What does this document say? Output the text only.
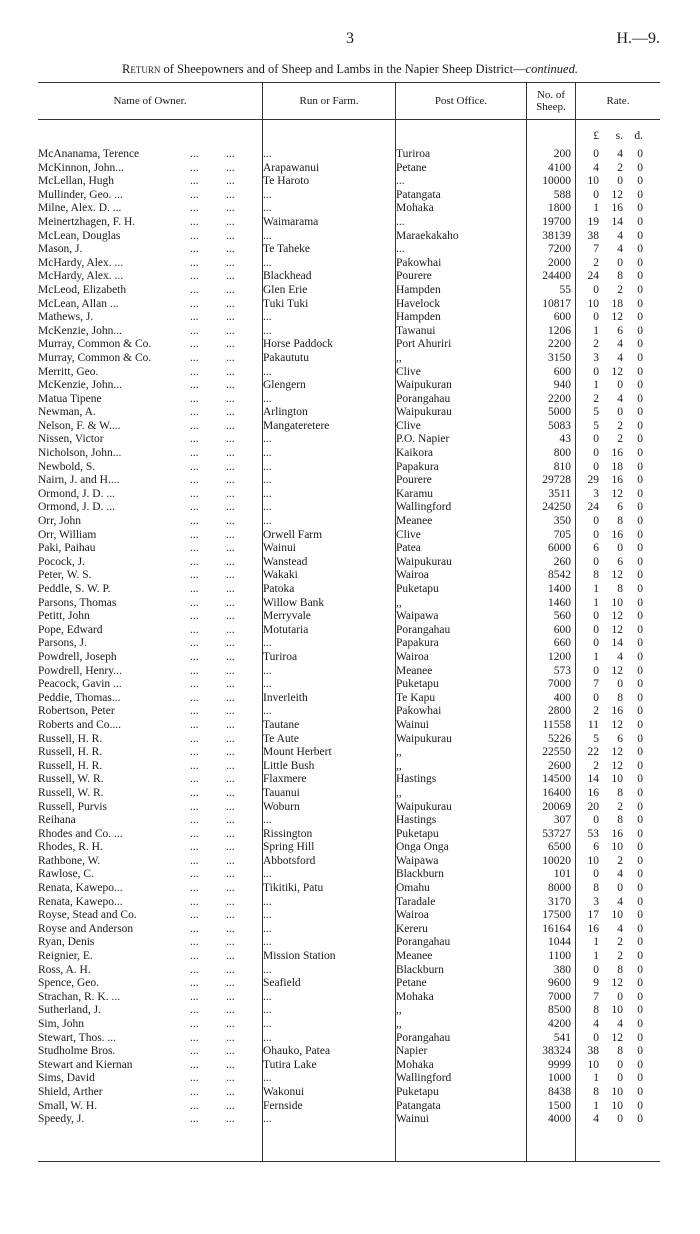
3	H.—9.
Return of Sheepowners and of Sheep and Lambs in the Napier Sheep District—continued.
Name of Owner.	Run or Farm.	Post Office.	No. of
Sheep.	Rate.
£	s. d.
McAnanama, Terence	... ... ...	Turiroa	200	0	4	0
McKinnon, John...	... ... Arapawanui	Petane	4100	4	2	0
McLellan, Hugh	... ... Te Haroto	...	10000	10	0	0
Mullinder, Geo. ...	... ... ...	Patangata	588	0	12	0
Milne, Alex. D. ...	... ... ...	Mohaka	1800	1	16	0
Meinertzhagen, F. H.	... ... Waimarama	...	19700	19	14	0
McLean, Douglas	... ... ...	Maraekakaho	38139	38	4	0
Mason, J.	... ... Te Taheke	...	7200	7	4	0
McHardy, Alex. ...	... ... ...	Pakowhai	2000	2	0	0
McHardy, Alex. ...	... ... Blackhead	Pourere	24400	24	8	0
McLeod, Elizabeth	... ... Glen Erie	Hampden	55	0	2	0
McLean, Allan ...	... ... Tuki Tuki	Havelock	10817	10	18	0
Mathews, J.	... ... ...	Hampden	600	0	12	0
McKenzie, John...	... ... ...	Tawanui	1206	1	6	0
Murray, Common & Co.	... ... Horse Paddock	Port Ahuriri	2200	2	4	0
Murray, Common & Co.	... ... Pakaututu	,,	3150	3	4	0
Merritt, Geo.	... ... ...	Clive	600	0	12	0
McKenzie, John...	... ... Glengern	Waipukuran	940	1	0	0
Matua Tipene	... ... ...	Porangahau	2200	2	4	0
Newman, A.	... ... Arlington	Waipukurau	5000	5	0	0
Nelson, F. & W....	... ... Mangateretere	Clive	5083	5	2	0
Nissen, Victor	... ... ...	P.O. Napier	43	0	2	0
Nicholson, John...	... ... ...	Kaikora	800	0	16	0
Newbold, S.	... ... ...	Papakura	810	0	18	0
Nairn, J. and H....	... ... ...	Pourere	29728	29	16	0
Ormond, J. D. ...	... ... ...	Karamu	3511	3	12	0
Ormond, J. D. ...	... ... ...	Wallingford	24250	24	6	0
Orr, John	... ... ...	Meanee	350	0	8	0
Orr, William	... ... Orwell Farm	Clive	705	0	16	0
Paki, Paihau	... ... Wainui	Patea	6000	6	0	0
Pocock, J.	... ... Wanstead	Waipukurau	260	0	6	0
Peter, W. S.	... ... Wakaki	Wairoa	8542	8	12	0
Peddle, S. W. P.	... ... Patoka	Puketapu	1400	1	8	0
Parsons, Thomas	... ... Willow Bank	,,	1460	1	10	0
Petitt, John	... ... Merryvale	Waipawa	560	0	12	0
Pope, Edward	... ... Motutaria	Porangahau	600	0	12	0
Parsons, J.	... ... ...	Papakura	660	0	14	0
Powdrell, Joseph	... ... Turiroa	Wairoa	1200	1	4	0
Powdrell, Henry...	... ... ...	Meanee	573	0	12	0
Peacock, Gavin ...	... ... ...	Puketapu	7000	7	0	0
Peddie, Thomas...	... ... Inverleith	Te Kapu	400	0	8	0
Robertson, Peter	... ... ...	Pakowhai	2800	2	16	0
Roberts and Co....	... ... Tautane	Wainui	11558	11	12	0
Russell, H. R.	... ... Te Aute	Waipukurau	5226	5	6	0
Russell, H. R.	... ... Mount Herbert	,,	22550	22	12	0
Russell, H. R.	... ... Little Bush	,,	2600	2	12	0
Russell, W. R.	... ... Flaxmere	Hastings	14500	14	10	0
Russell, W. R.	... ... Tauanui	,,	16400	16	8	0
Russell, Purvis	... ... Woburn	Waipukurau	20069	20	2	0
Reihana	... ... ...	Hastings	307	0	8	0
Rhodes and Co. ...	... ... Rissington	Puketapu	53727	53	16	0
Rhodes, R. H.	... ... Spring Hill	Onga Onga	6500	6	10	0
Rathbone, W.	... ... Abbotsford	Waipawa	10020	10	2	0
Rawlose, C.	... ... ...	Blackburn	101	0	4	0
Renata, Kawepo...	... ... Tikitiki, Patu	Omahu	8000	8	0	0
Renata, Kawepo...	... ... ...	Taradale	3170	3	4	0
Royse, Stead and Co.	... ... ...	Wairoa	17500	17	10	0
Royse and Anderson	... ... ...	Kereru	16164	16	4	0
Ryan, Denis	... ... ...	Porangahau	1044	1	2	0
Reignier, E.	... ... Mission Station	Meanee	1100	1	2	0
Ross, A. H.	... ... ...	Blackburn	380	0	8	0
Spence, Geo.	... ... Seafield	Petane	9600	9	12	0
Strachan, R. K. ...	... ... ...	Mohaka	7000	7	0	0
Sutherland, J.	... ... ...	,,	8500	8	10	0
Sim, John	... ... ...	,,	4200	4	4	0
Stewart, Thos. ...	... ... ...	Porangahau	541	0	12	0
Studholme Bros.	... ... Ohauko, Patea	Napier	38324	38	8	0
Stewart and Kiernan	... ... Tutira Lake	Mohaka	9999	10	0	0
Sims, David	... ... ...	Wallingford	1000	1	0	0
Shield, Arther	... ... Wakonui	Puketapu	8438	8	10	0
Small, W. H.	... ... Fernside	Patangata	1500	1	10	0
Speedy, J.	... ... ...	Wainui	4000	4	0	0
